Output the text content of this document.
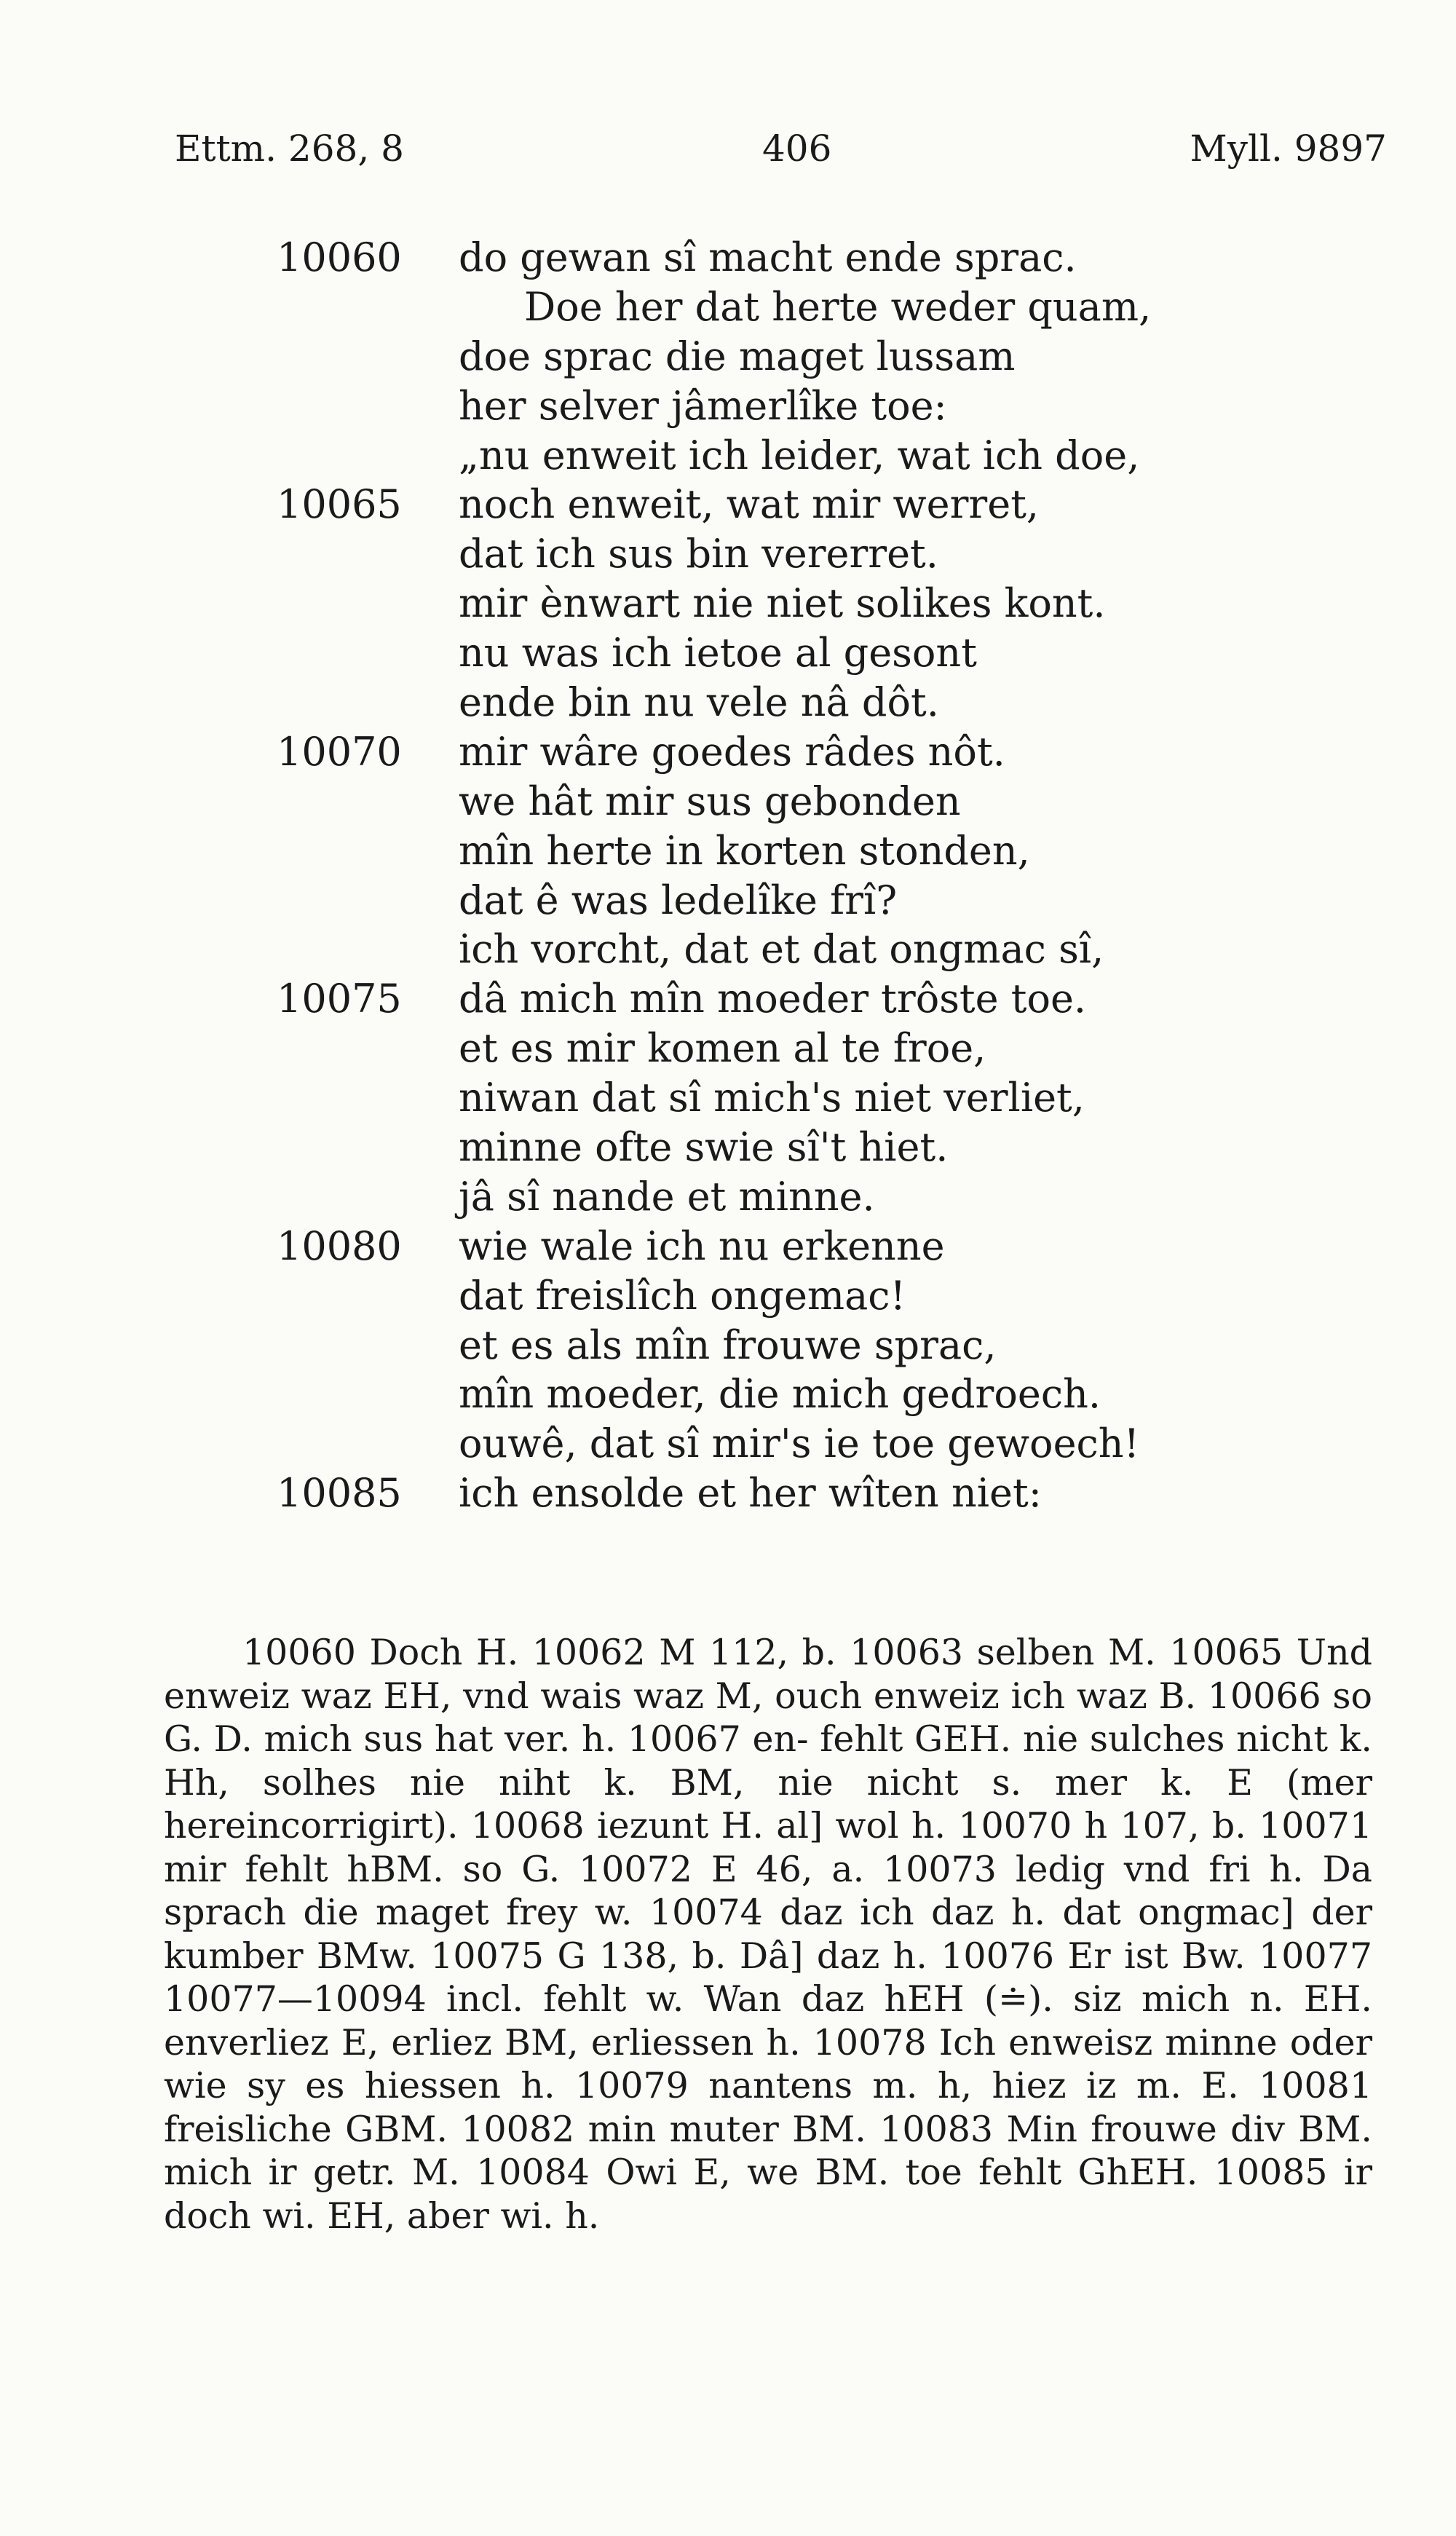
Ettm. 268, 8	406	Myll. 9897
10060	do gewan sî macht ende sprac.
Doe her dat herte weder quam,
doe sprac die maget lussam
her selver jâmerlîke toe:
„nu enweit ich leider, wat ich doe,
10065	noch enweit, wat mir werret,
dat ich sus bin vererret.
mir ènwart nie niet solikes kont.
nu was ich ietoe al gesont
ende bin nu vele nâ dôt.
10070	mir wâre goedes râdes nôt.
we hât mir sus gebonden
mîn herte in korten stonden,
dat ê was ledelîke frî?
ich vorcht, dat et dat ongmac sî,
10075	dâ mich mîn moeder trôste toe.
et es mir komen al te froe,
niwan dat sî mich's niet verliet,
minne ofte swie sî't hiet.
jâ sî nande et minne.
10080	wie wale ich nu erkenne
dat freislîch ongemac!
et es als mîn frouwe sprac,
mîn moeder, die mich gedroech.
ouwê, dat sî mir's ie toe gewoech!
10085	ich ensolde et her wîten niet:

10060 Doch H. 10062 M 112, b. 10063 selben M. 10065 Und enweiz waz EH, vnd wais waz M, ouch enweiz ich waz B. 10066 so G. D. mich sus hat ver. h. 10067 en- fehlt GEH. nie sulches nicht k. Hh, solhes nie niht k. BM, nie nicht s. mer k. E (mer hereincorrigirt). 10068 iezunt H. al] wol h. 10070 h 107, b. 10071 mir fehlt hBM. so G. 10072 E 46, a. 10073 ledig vnd fri h. Da sprach die maget frey w. 10074 daz ich daz h. dat ongmac] der kumber BMw. 10075 G 138, b. Dâ] daz h. 10076 Er ist Bw. 10077 10077—10094 incl. fehlt w. Wan daz hEH (≐). siz mich n. EH. enverliez E, erliez BM, erliessen h. 10078 Ich enweisz minne oder wie sy es hiessen h. 10079 nantens m. h, hiez iz m. E. 10081 freisliche GBM. 10082 min muter BM. 10083 Min frouwe div BM. mich ir getr. M. 10084 Owi E, we BM. toe fehlt GhEH. 10085 ir doch wi. EH, aber wi. h.
